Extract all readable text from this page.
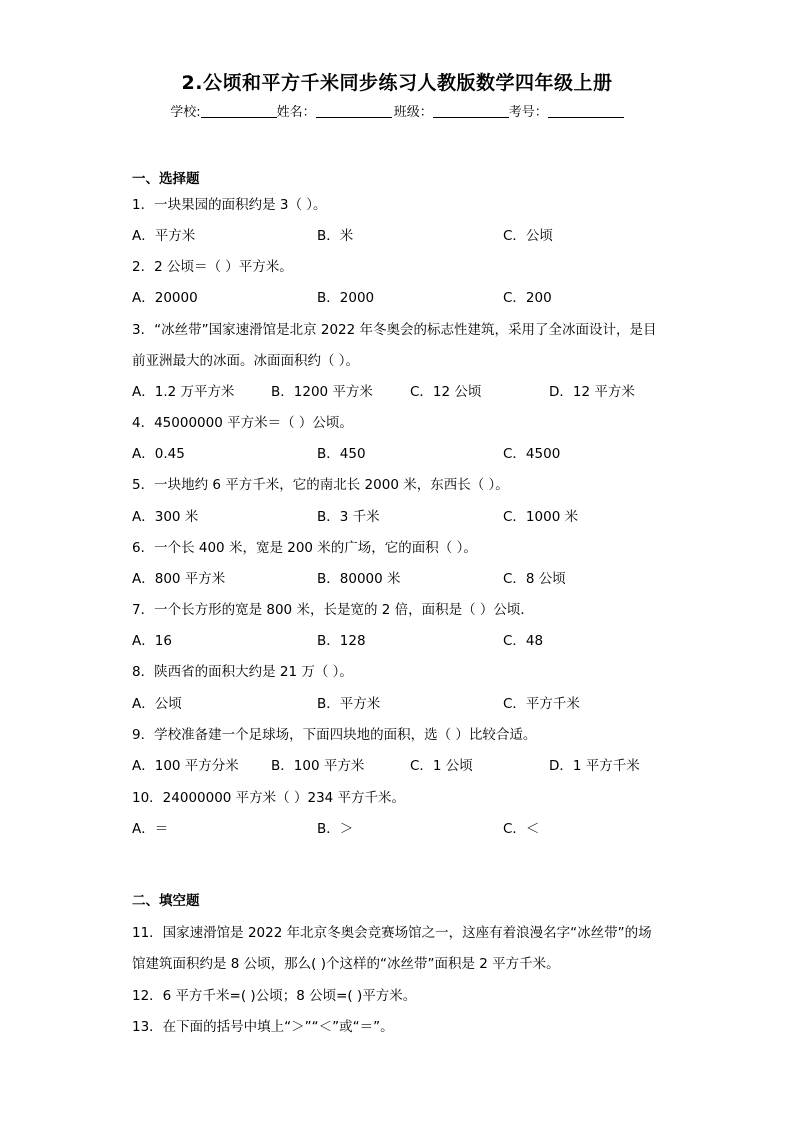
2.公顷和平方千米同步练习人教版数学四年级上册
学校:	姓名：	班级：	考号：
一、选择题
1．一块果园的面积约是 3（ ）。
A．平方米	B．米	C．公顷
2．2 公顷＝（ ）平方米。
A．20000	B．2000	C．200
3．“冰丝带”国家速滑馆是北京 2022 年冬奥会的标志性建筑，采用了全冰面设计，是目
前亚洲最大的冰面。冰面面积约（ ）。
A．1.2 万平方米	B．1200 平方米	C．12 公顷	D．12 平方米
4．45000000 平方米＝（ ）公顷。
A．0.45	B．450	C．4500
5．一块地约 6 平方千米，它的南北长 2000 米，东西长（ ）。
A．300 米	B．3 千米	C．1000 米
6．一个长 400 米，宽是 200 米的广场，它的面积（ ）。
A．800 平方米	B．80000 米	C．8 公顷
7．一个长方形的宽是 800 米，长是宽的 2 倍，面积是（ ）公顷．
A．16	B．128	C．48
8．陕西省的面积大约是 21 万（ ）。
A．公顷	B．平方米	C．平方千米
9．学校准备建一个足球场，下面四块地的面积，选（ ）比较合适。
A．100 平方分米 B．100 平方米	C．1 公顷	D．1 平方千米
10．24000000 平方米（ ）234 平方千米。
A．＝	B．＞	C．＜
二、填空题
11．国家速滑馆是 2022 年北京冬奥会竞赛场馆之一，这座有着浪漫名字“冰丝带”的场
馆建筑面积约是 8 公顷，那么( )个这样的“冰丝带”面积是 2 平方千米。
12．6 平方千米=( )公顷；8 公顷=( )平方米。
13．在下面的括号中填上“＞”“＜”或“＝”。
